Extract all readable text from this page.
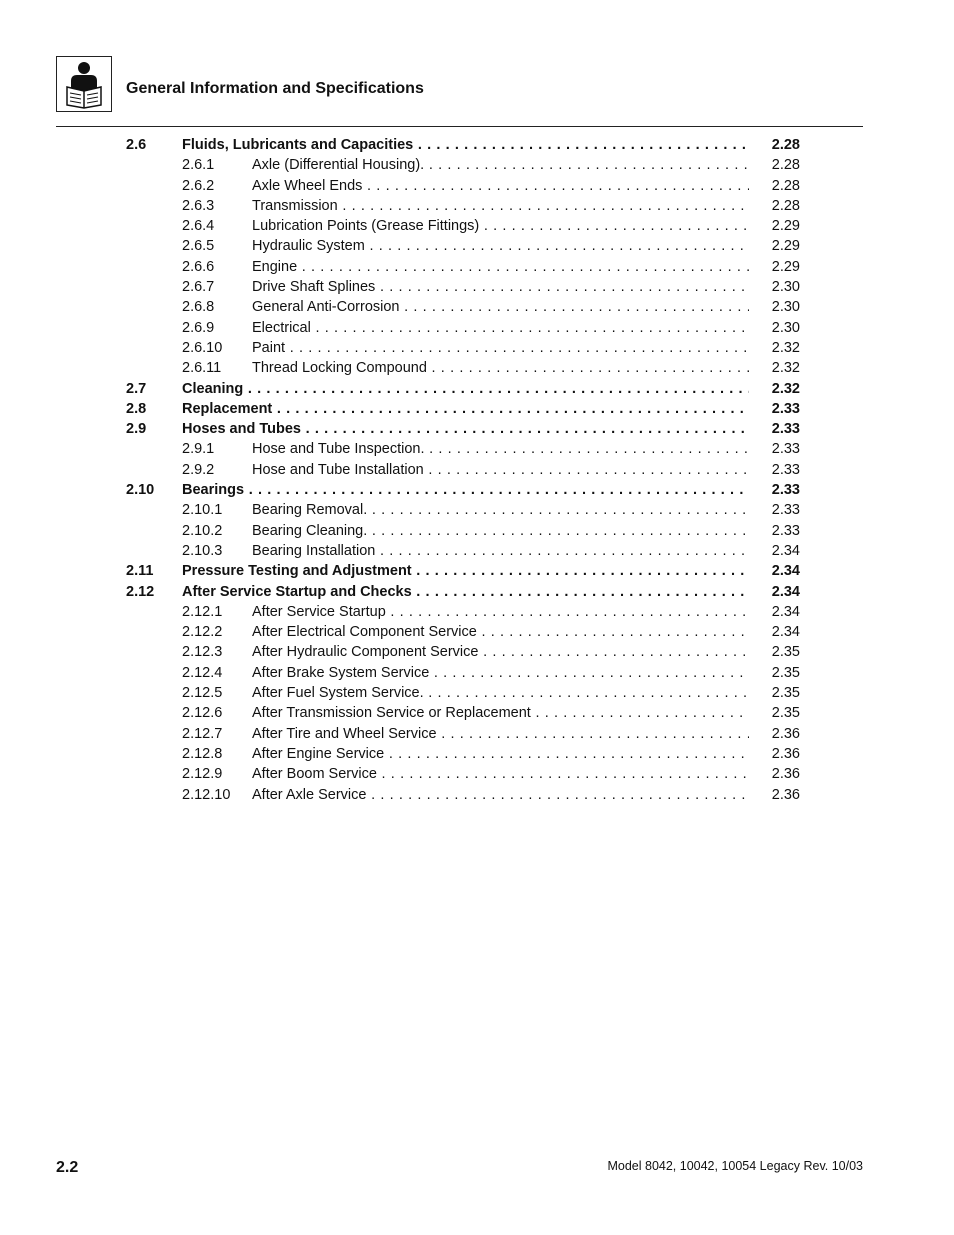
General Information and Specifications
2.6 Fluids, Lubricants and Capacities . . .	2.28
2.6.1	Axle (Differential Housing). . . .	2.28
2.6.2	Axle Wheel Ends . . .	2.28
2.6.3	Transmission . . .	2.28
2.6.4	Lubrication Points (Grease Fittings) . . .	2.29
2.6.5	Hydraulic System . . .	2.29
2.6.6	Engine . . .	2.29
2.6.7	Drive Shaft Splines . . .	2.30
2.6.8	General Anti-Corrosion . . .	2.30
2.6.9	Electrical . . .	2.30
2.6.10 Paint . . .	2.32
2.6.11 Thread Locking Compound . . .	2.32
2.7 Cleaning . . .	2.32
2.8 Replacement . . .	2.33
2.9 Hoses and Tubes . . .	2.33
2.9.1	Hose and Tube Inspection. . . .	2.33
2.9.2	Hose and Tube Installation . . .	2.33
2.10 Bearings . . .	2.33
2.10.1 Bearing Removal. . . .	2.33
2.10.2 Bearing Cleaning. . . .	2.33
2.10.3 Bearing Installation . . .	2.34
2.11 Pressure Testing and Adjustment . . .	2.34
2.12 After Service Startup and Checks . . .	2.34
2.12.1 After Service Startup . . .	2.34
2.12.2 After Electrical Component Service . . .	2.34
2.12.3 After Hydraulic Component Service . . .	2.35
2.12.4 After Brake System Service . . .	2.35
2.12.5 After Fuel System Service. . . .	2.35
2.12.6 After Transmission Service or Replacement . . .	2.35
2.12.7 After Tire and Wheel Service . . .	2.36
2.12.8 After Engine Service . . .	2.36
2.12.9 After Boom Service . . .	2.36
2.12.10 After Axle Service . . .	2.36
2.2	Model 8042, 10042, 10054 Legacy Rev. 10/03
